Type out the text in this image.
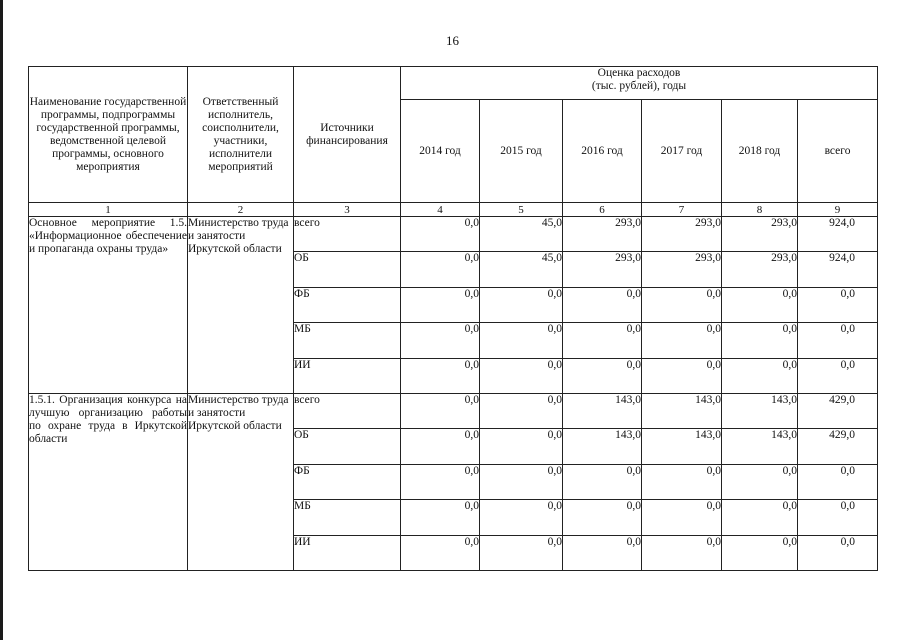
16
Наименование государственной программы, подпрограммы государственной программы, ведомственной целевой программы, основного мероприятия	Ответственный исполнитель, соисполнители, участники, исполнители мероприятий	Источники финансирования	Оценка расходов
(тыс. рублей), годы					

			2014 год	2015 год	2016 год	2017 год	2018 год	всего
1	2	3	4	5	6	7	8	9
Основное мероприятие 1.5. «Информационное обеспечение и пропаганда охраны труда»	Министерство труда и занятости Иркутской области	всего	0,0	45,0	293,0	293,0	293,0	924,0
		ОБ	0,0	45,0	293,0	293,0	293,0	924,0
		ФБ	0,0	0,0	0,0	0,0	0,0	0,0
		МБ	0,0	0,0	0,0	0,0	0,0	0,0
		ИИ	0,0	0,0	0,0	0,0	0,0	0,0
1.5.1. Организация конкурса на лучшую организацию работы по охране труда в Иркутской области	Министерство труда и занятости Иркутской области	всего	0,0	0,0	143,0	143,0	143,0	429,0
		ОБ	0,0	0,0	143,0	143,0	143,0	429,0
		ФБ	0,0	0,0	0,0	0,0	0,0	0,0
		МБ	0,0	0,0	0,0	0,0	0,0	0,0
		ИИ	0,0	0,0	0,0	0,0	0,0	0,0
